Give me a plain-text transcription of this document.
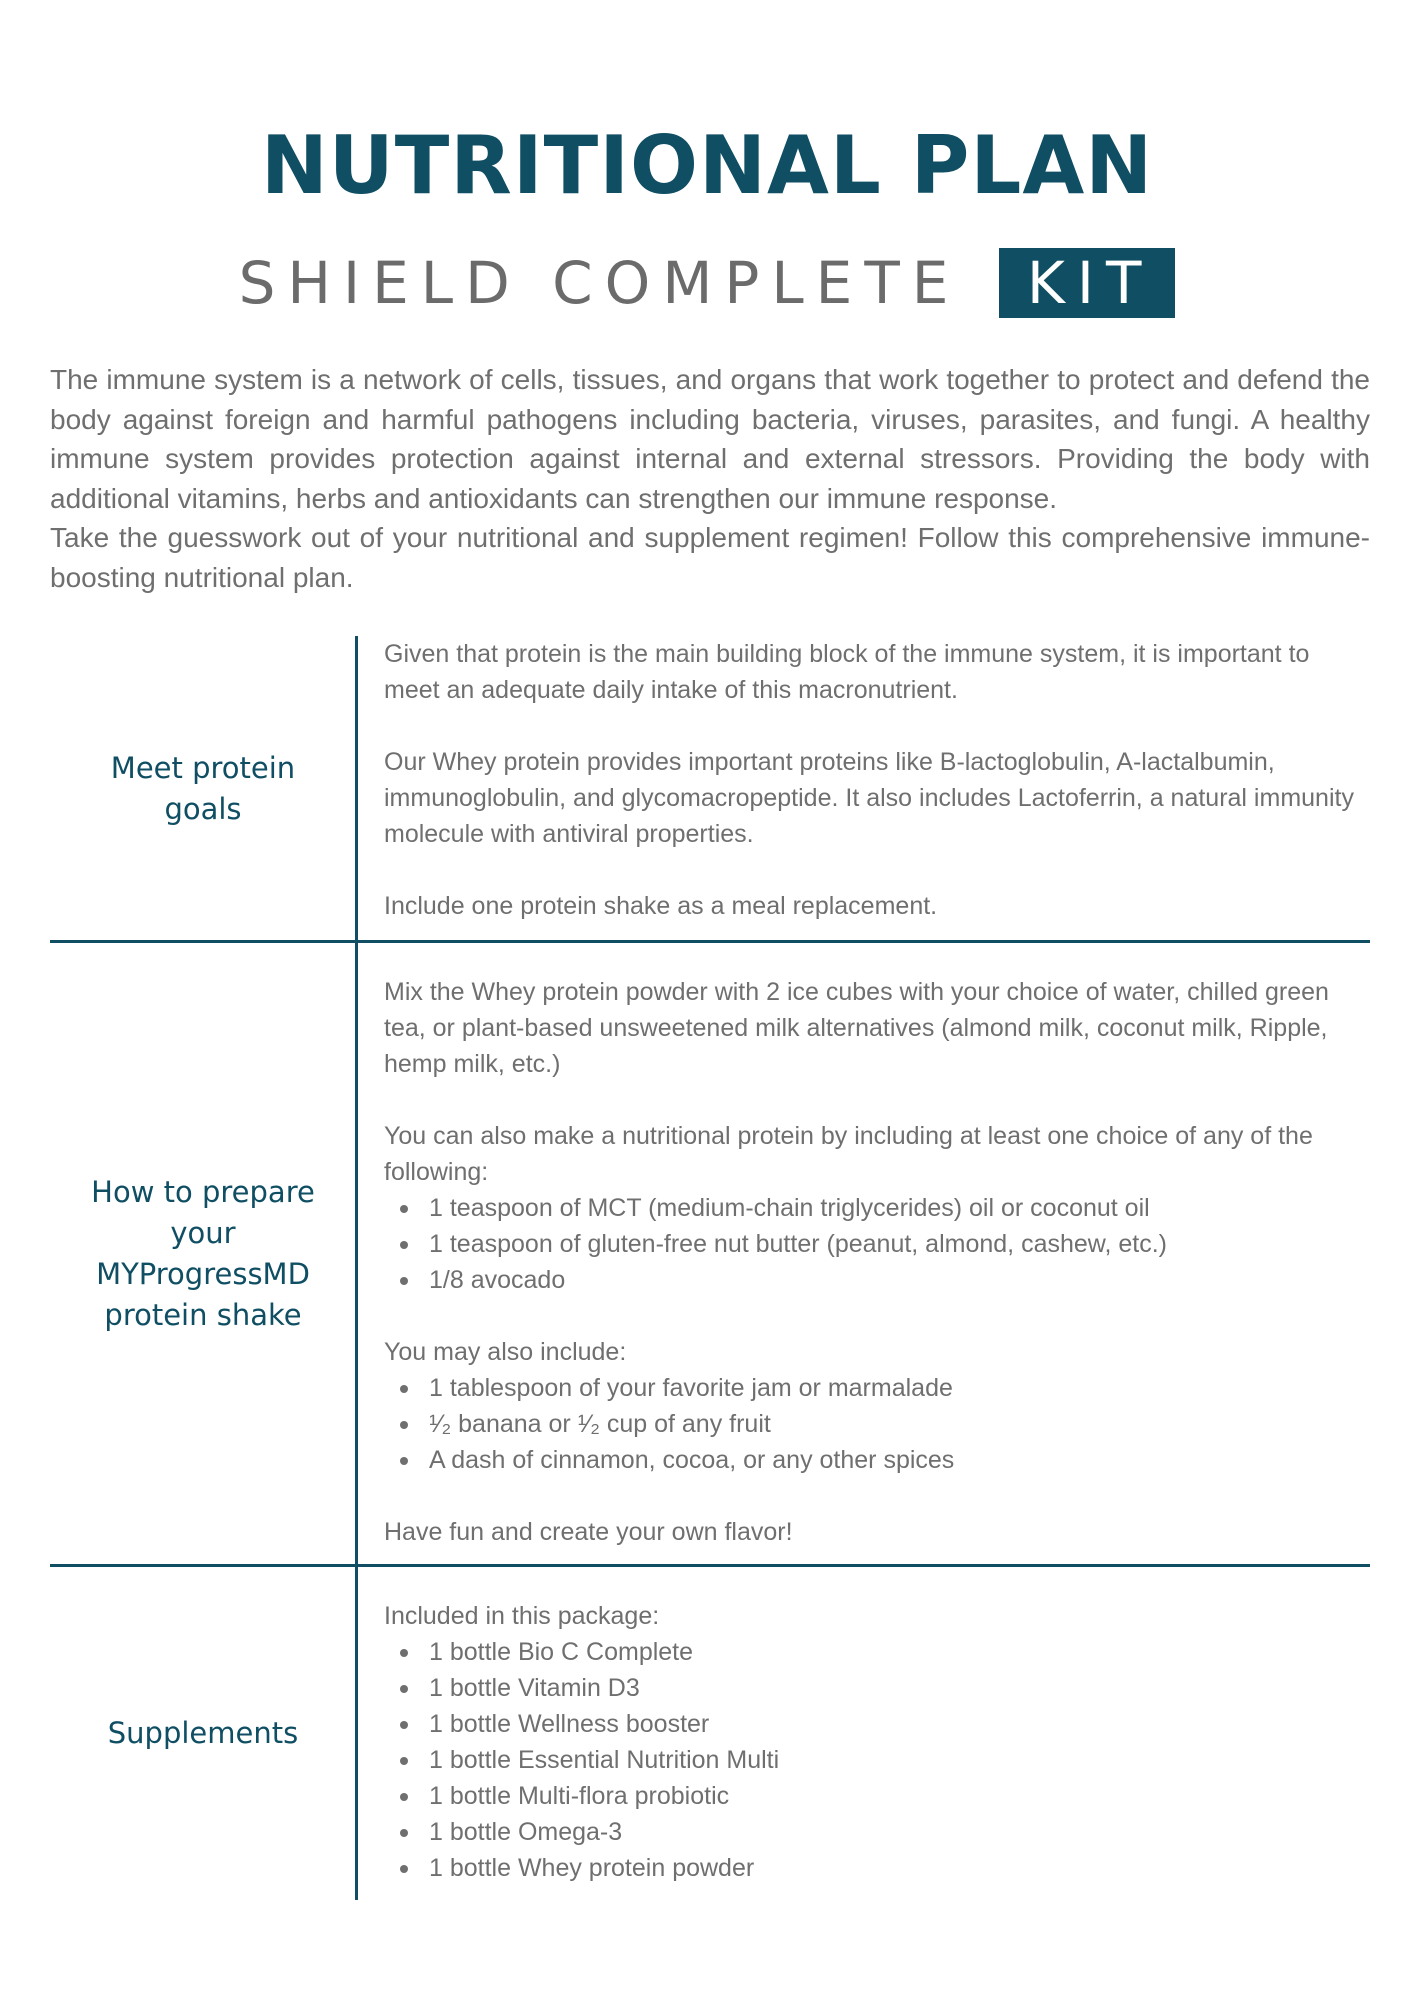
NUTRITIONAL PLAN
SHIELD COMPLETE KIT

The immune system is a network of cells, tissues, and organs that work together to protect and defend the body against foreign and harmful pathogens including bacteria, viruses, parasites, and fungi. A healthy immune system provides protection against internal and external stressors. Providing the body with additional vitamins, herbs and antioxidants can strengthen our immune response.

Take the guesswork out of your nutritional and supplement regimen! Follow this comprehensive immune-boosting nutritional plan.

Meet protein goals

Given that protein is the main building block of the immune system, it is important to meet an adequate daily intake of this macronutrient.

Our Whey protein provides important proteins like B-lactoglobulin, A-lactalbumin, immunoglobulin, and glycomacropeptide. It also includes Lactoferrin, a natural immunity molecule with antiviral properties.

Include one protein shake as a meal replacement.

How to prepare your MYProgressMD protein shake

Mix the Whey protein powder with 2 ice cubes with your choice of water, chilled green tea, or plant-based unsweetened milk alternatives (almond milk, coconut milk, Ripple, hemp milk, etc.)

You can also make a nutritional protein by including at least one choice of any of the following:

1 teaspoon of MCT (medium-chain triglycerides) oil or coconut oil
1 teaspoon of gluten-free nut butter (peanut, almond, cashew, etc.)
1/8 avocado

You may also include:

1 tablespoon of your favorite jam or marmalade
¹⁄₂ banana or ¹⁄₂ cup of any fruit
A dash of cinnamon, cocoa, or any other spices

Have fun and create your own flavor!

Supplements

Included in this package:

1 bottle Bio C Complete
1 bottle Vitamin D3
1 bottle Wellness booster
1 bottle Essential Nutrition Multi
1 bottle Multi-flora probiotic
1 bottle Omega-3
1 bottle Whey protein powder
